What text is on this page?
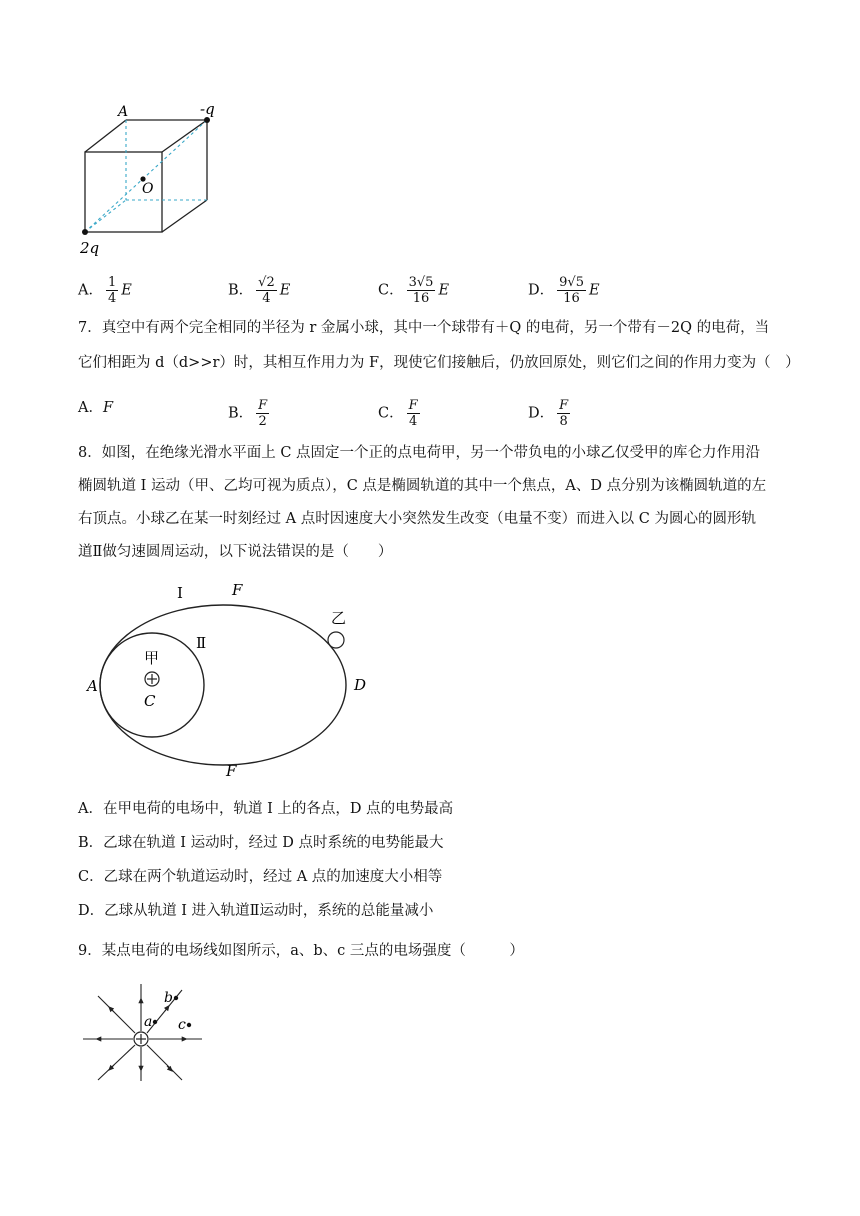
A	-q
O
2q
A． $\frac{1}{4}$ E	B． $\frac{√2}{4}$ E	C． $\frac{3√5}{16}$ E	D． $\frac{9√5}{16}$ E
7．真空中有两个完全相同的半径为 r 金属小球，其中一个球带有＋Q 的电荷，另一个带有－2Q 的电荷，当
它们相距为 d（d>>r）时，其相互作用力为 F，现使它们接触后，仍放回原处，则它们之间的作用力变为（　）
A．F	B． $\frac{F}{2}$	C． $\frac{F}{4}$	D． $\frac{F}{8}$
8．如图，在绝缘光滑水平面上 C 点固定一个正的点电荷甲，另一个带负电的小球乙仅受甲的库仑力作用沿
椭圆轨道 I 运动（甲、乙均可视为质点），C 点是椭圆轨道的其中一个焦点，A、D 点分别为该椭圆轨道的左
右顶点。小球乙在某一时刻经过 A 点时因速度大小突然发生改变（电量不变）而进入以 C 为圆心的圆形轨
道Ⅱ做匀速圆周运动，以下说法错误的是（　　）
I	F
乙
Ⅱ
甲
A
C
D
F
A．在甲电荷的电场中，轨道 I 上的各点，D 点的电势最高
B．乙球在轨道 I 运动时，经过 D 点时系统的电势能最大
C．乙球在两个轨道运动时，经过 A 点的加速度大小相等
D．乙球从轨道 I 进入轨道Ⅱ运动时，系统的总能量减小
9．某点电荷的电场线如图所示，a、b、c 三点的电场强度（　　　）
a
b
c
